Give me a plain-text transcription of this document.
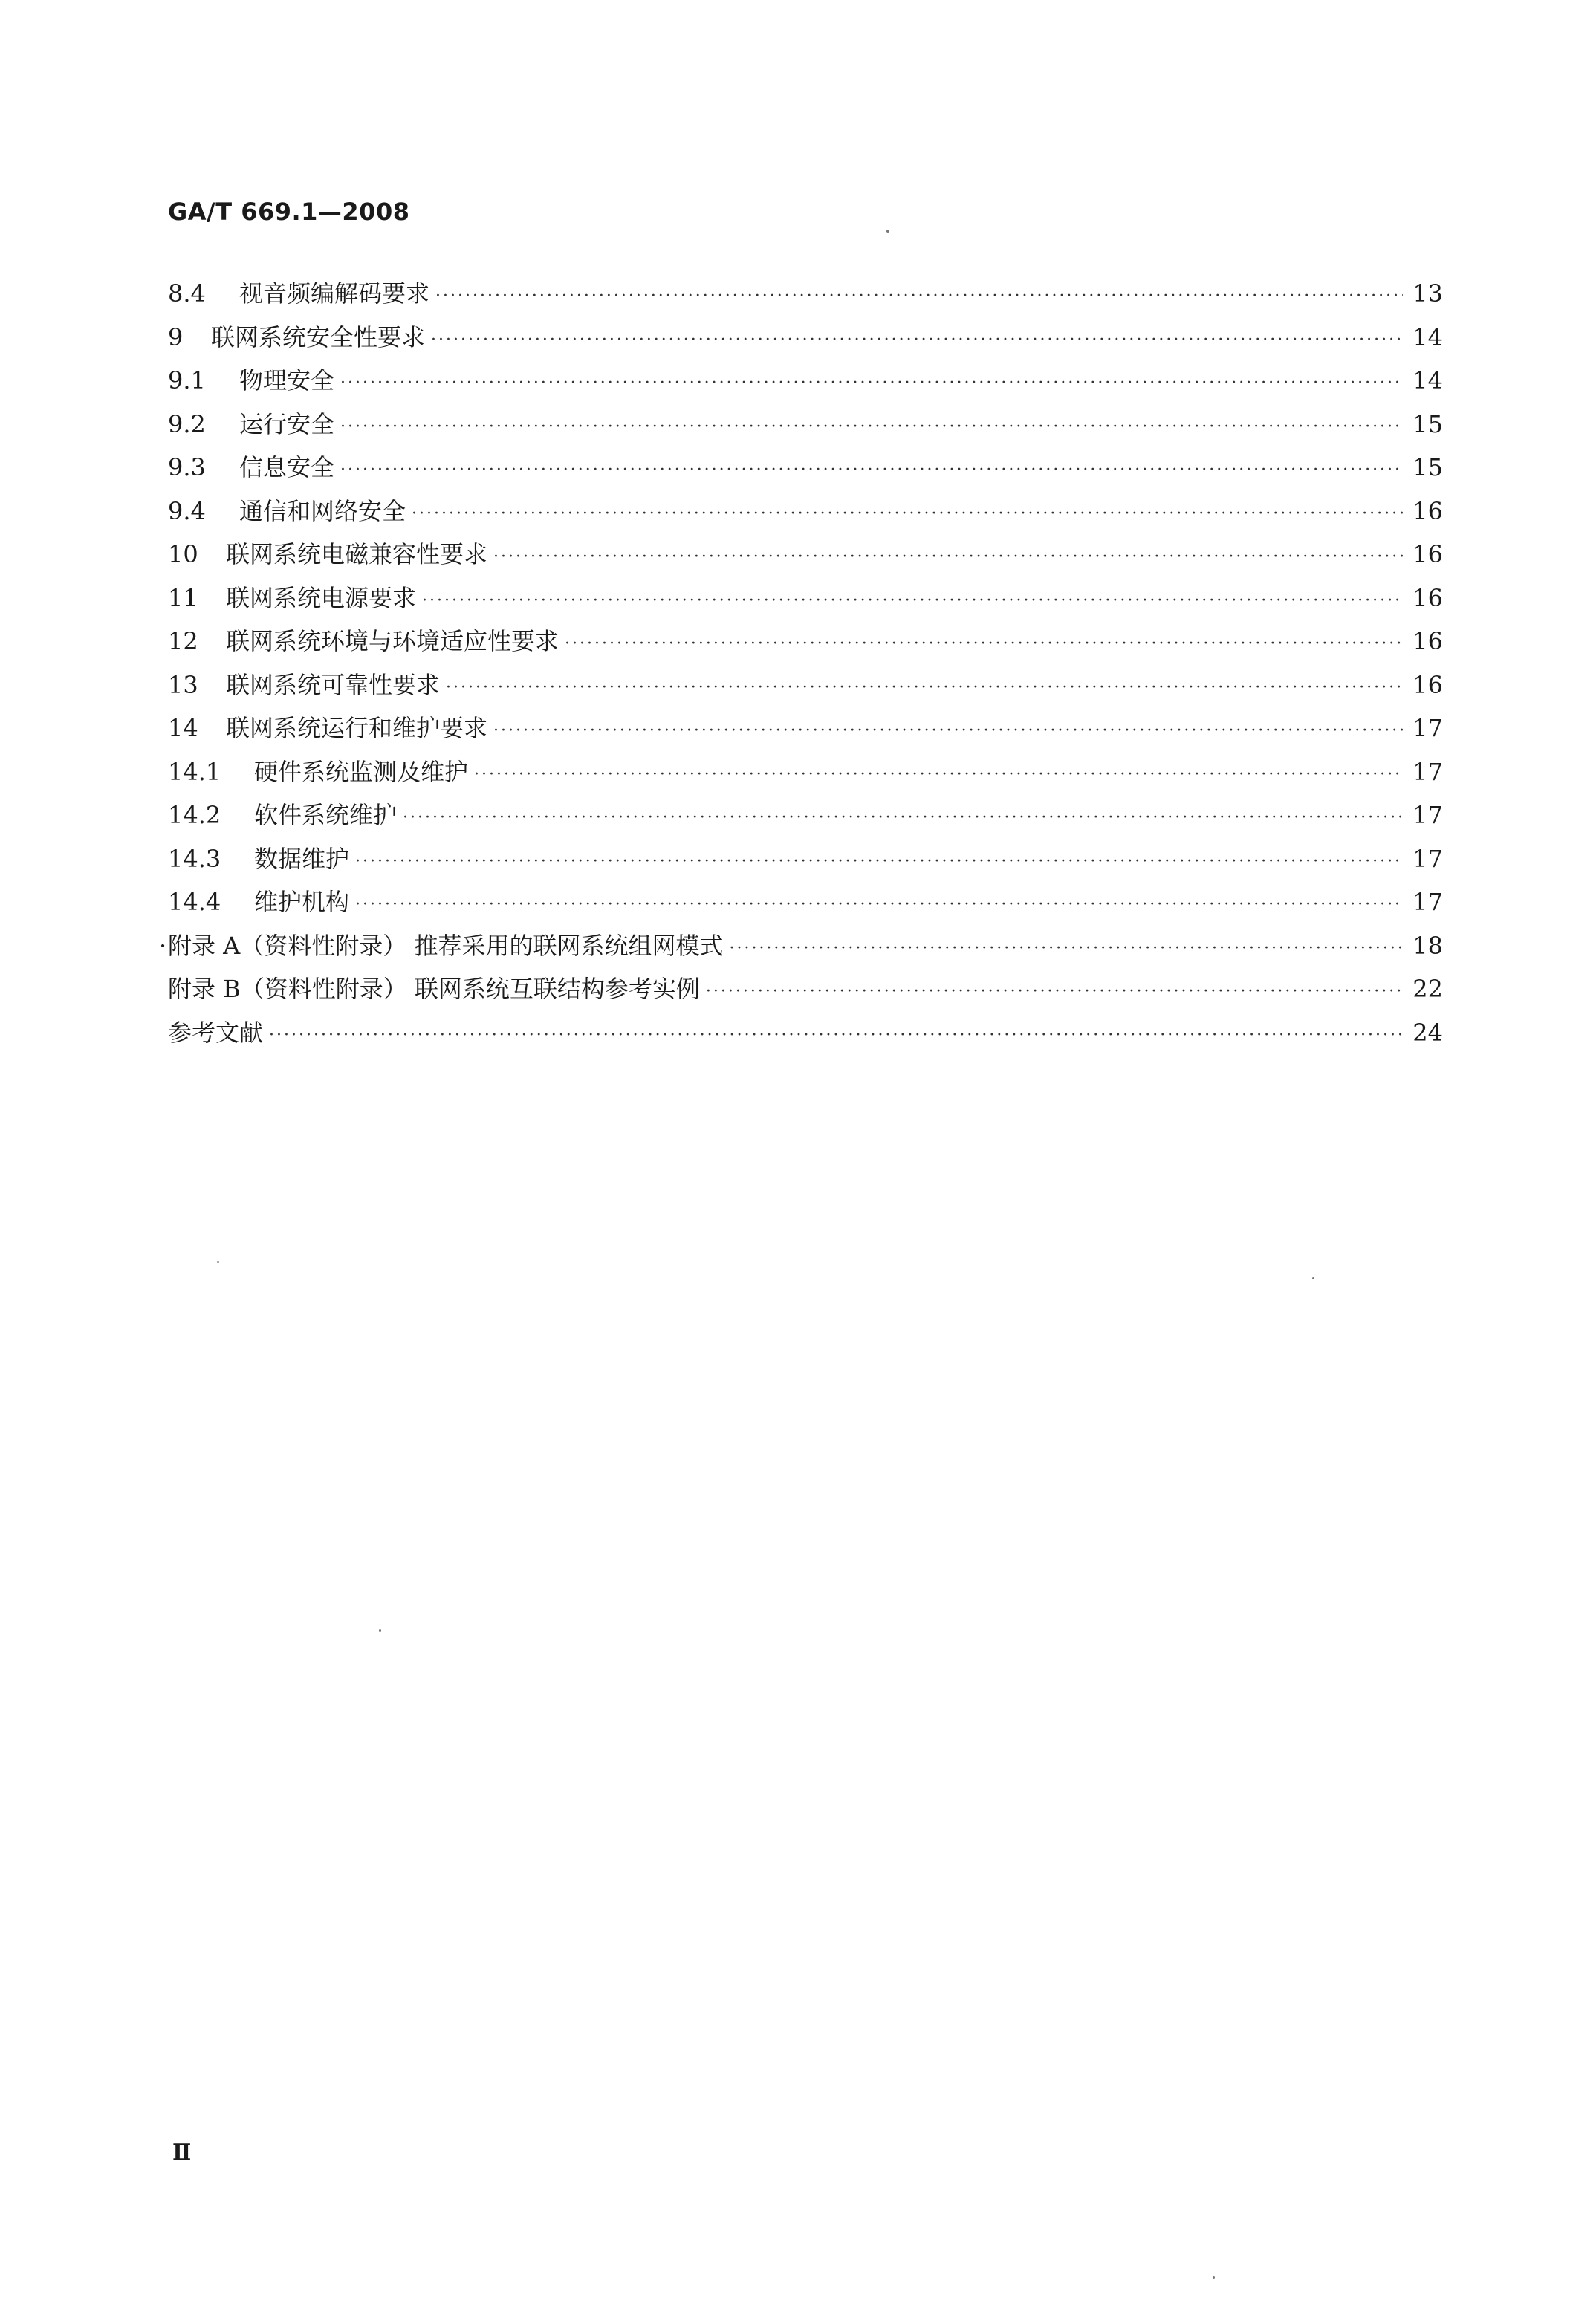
GA/T 669.1—2008
8.4	视音频编解码要求 ·····	13
9	联网系统安全性要求 ·····	14
9.1	物理安全 ·····	14
9.2	运行安全 ·····	15
9.3	信息安全 ·····	15
9.4	通信和网络安全 ·····	16
10	联网系统电磁兼容性要求 ·····	16
11	联网系统电源要求 ·····	16
12	联网系统环境与环境适应性要求 ·····	16
13	联网系统可靠性要求 ·····	16
14	联网系统运行和维护要求 ·····	17
14.1	硬件系统监测及维护 ·····	17
14.2	软件系统维护 ·····	17
14.3	数据维护 ·····	17
14.4	维护机构 ·····	17
· 附录 A（资料性附录） 推荐采用的联网系统组网模式 ·····	18
附录 B（资料性附录） 联网系统互联结构参考实例 ·····	22
参考文献 ·····	24
Ⅱ
